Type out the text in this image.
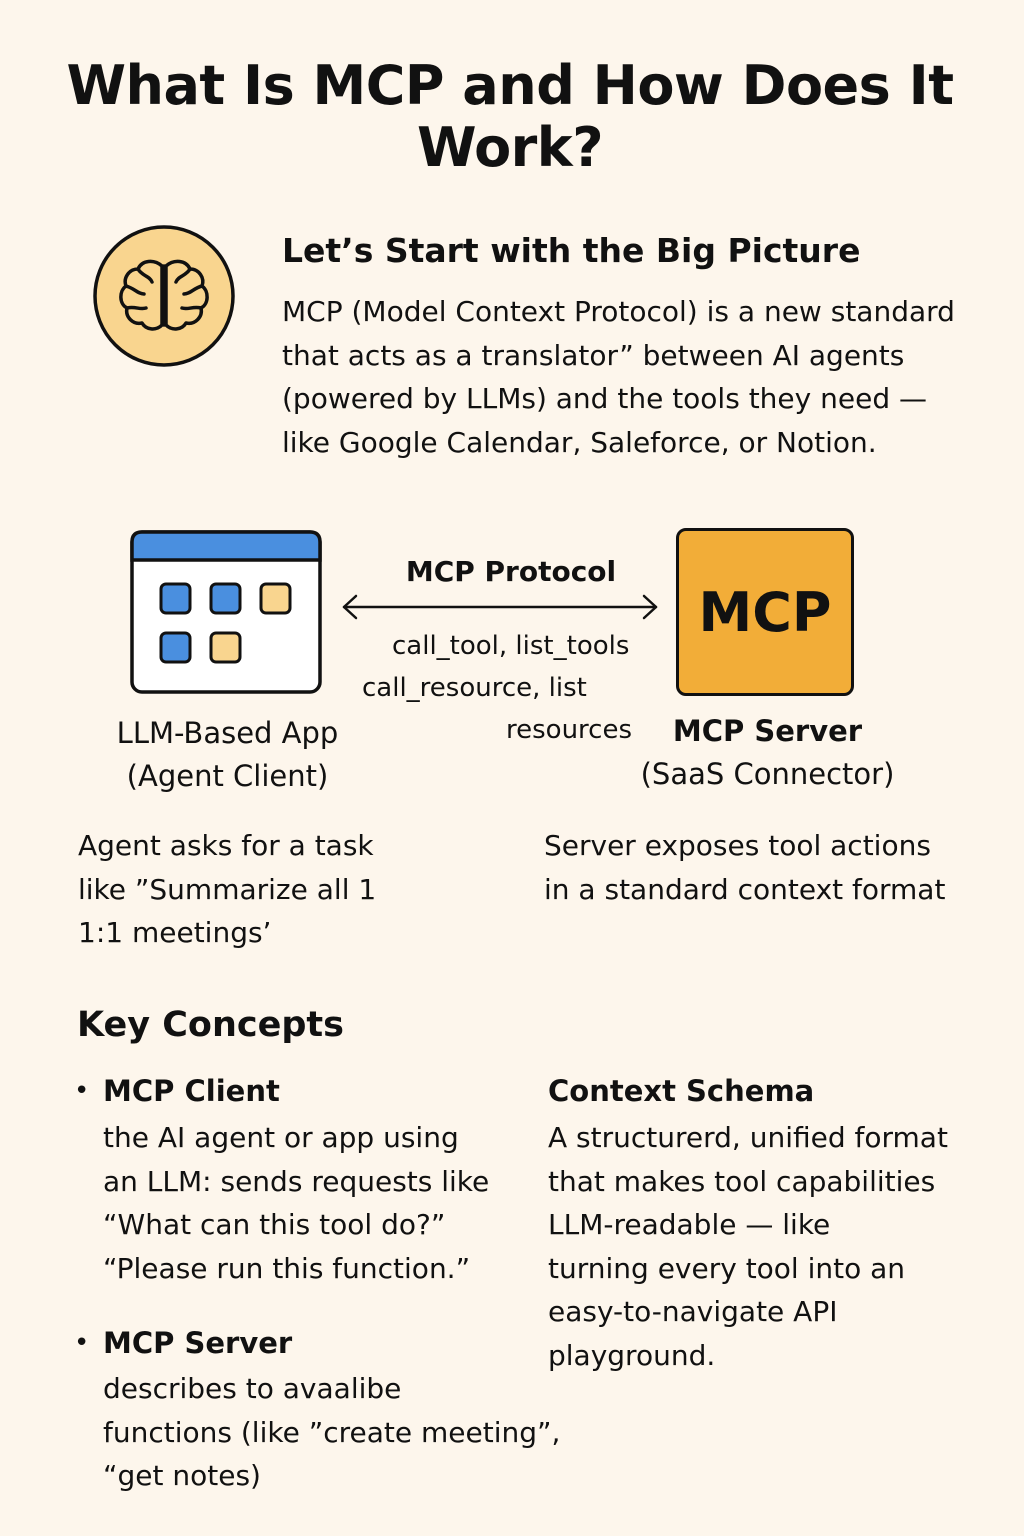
What Is MCP and How Does It
Work?
Let’s Start with the Big Picture
MCP (Model Context Protocol) is a new standard
that acts as a translator” between AI agents
(powered by LLMs) and the tools they need —
like Google Calendar, Saleforce, or Notion.
LLM-Based App
(Agent Client)
MCP Protocol
call_tool, list_tools
call_resource, list
resources
MCP
MCP Server
(SaaS Connector)
Agent asks for a task
like ”Summarize all 1
1:1 meetings’
Server exposes tool actions
in a standard context format
Key Concepts
• MCP Client
the AI agent or app using
an LLM: sends requests like
“What can this tool do?”
“Please run this function.”
• MCP Server
describes to avaalibe
functions (like ”create meeting”,
“get notes)
Context Schema
A structurerd, unified format
that makes tool capabilities
LLM-readable — like
turning every tool into an
easy-to-navigate API
playground.
